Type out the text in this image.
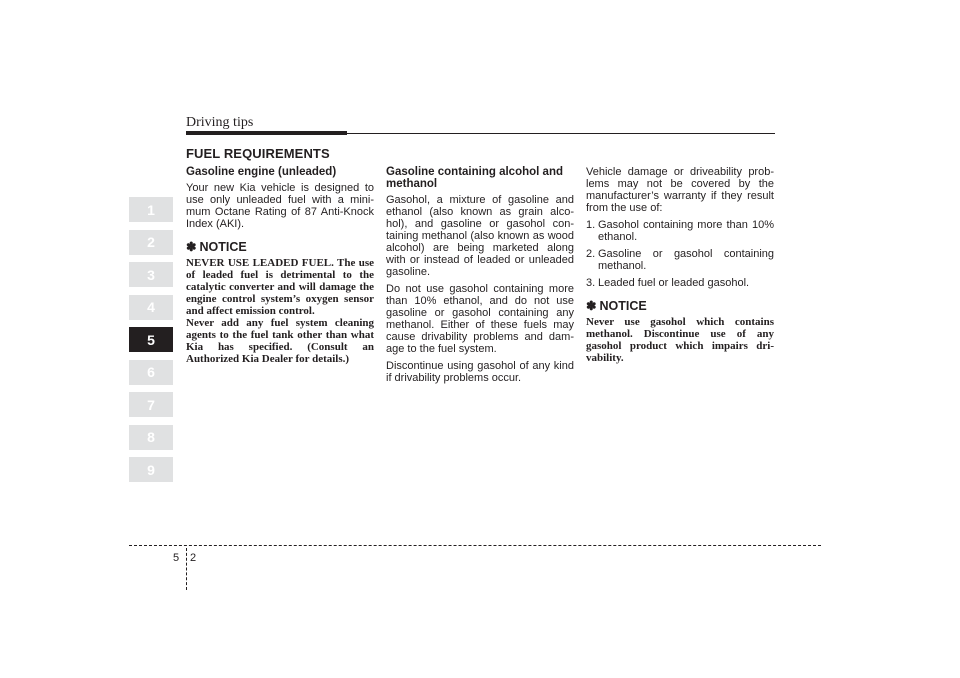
Driving tips
FUEL REQUIREMENTS
1
2
3
4
5
6
7
8
9
Gasoline engine (unleaded)

Your new Kia vehicle is designed to use only unleaded fuel with a mini-mum Octane Rating of 87 Anti-Knock Index (AKI).

✽ NOTICE

NEVER USE LEADED FUEL. The use of leaded fuel is detrimental to the catalytic converter and will damage the engine control system’s oxygen sensor and affect emission control.

Never add any fuel system cleaning agents to the fuel tank other than what Kia has specified. (Consult an Authorized Kia Dealer for details.)

Gasoline containing alcohol and methanol

Gasohol, a mixture of gasoline and ethanol (also known as grain alco-hol), and gasoline or gasohol con-taining methanol (also known as wood alcohol) are being marketed along with or instead of leaded or unleaded gasoline.

Do not use gasohol containing more than 10% ethanol, and do not use gasoline or gasohol containing any methanol. Either of these fuels may cause drivability problems and dam-age to the fuel system.

Discontinue using gasohol of any kind if drivability problems occur.

Vehicle damage or driveability prob-lems may not be covered by the manufacturer’s warranty if they result from the use of:

1. Gasohol containing more than 10% ethanol.
2. Gasoline or gasohol containing methanol.
3. Leaded fuel or leaded gasohol.
✽ NOTICE

Never use gasohol which contains methanol. Discontinue use of any gasohol product which impairs dri-vability.

5 2
